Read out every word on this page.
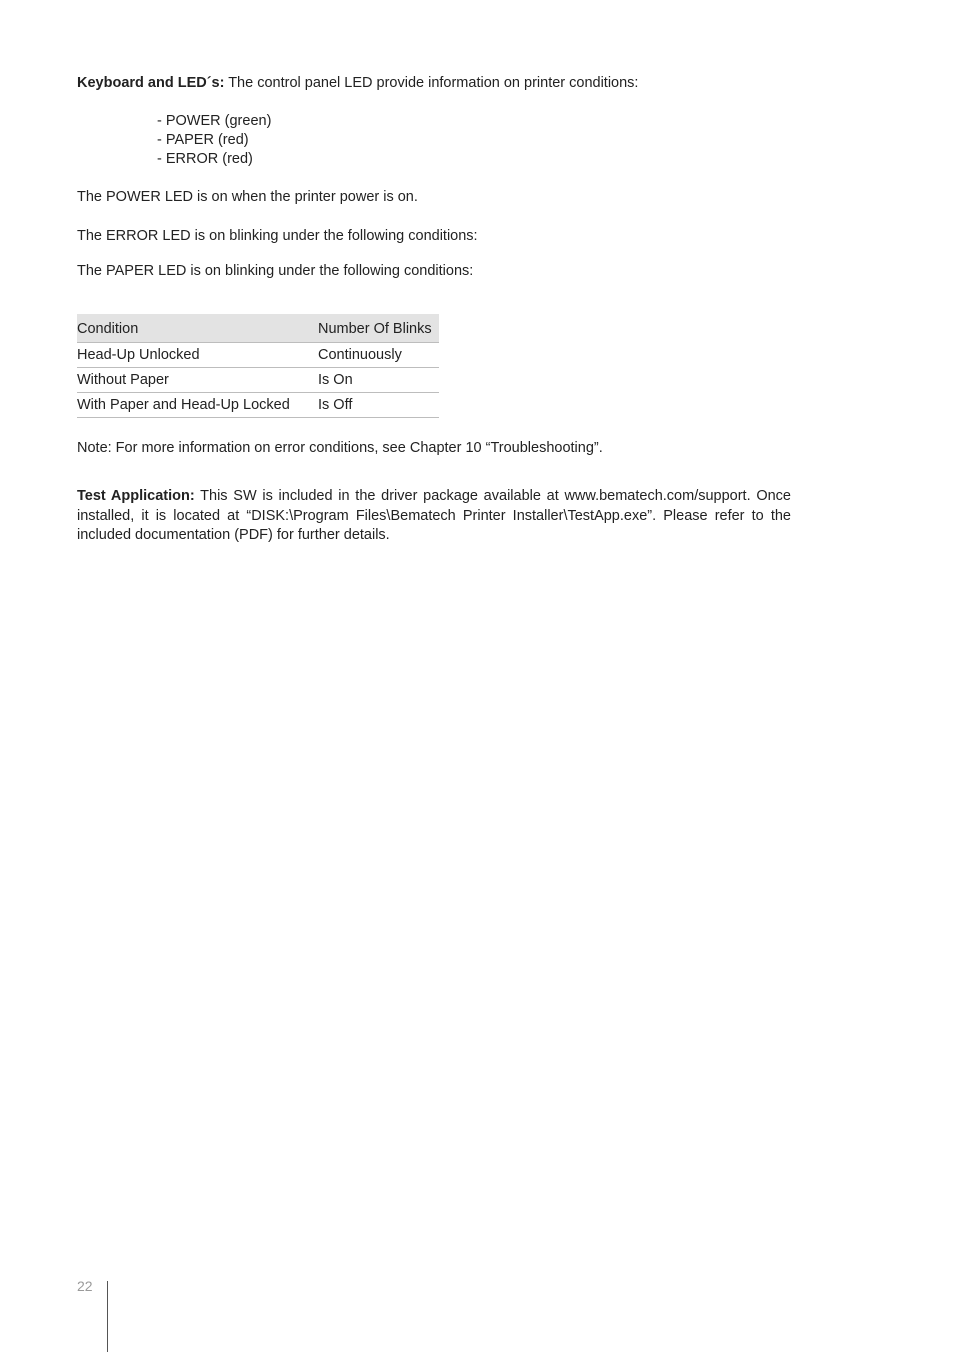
Keyboard and LED´s: The control panel LED provide information on printer conditions:

- POWER (green)
- PAPER (red)
- ERROR (red)

The POWER LED is on when the printer power is on.

The ERROR LED is on blinking under the following conditions:

The PAPER LED is on blinking under the following conditions:

Condition	Number Of Blinks
Head-Up Unlocked	Continuously
Without Paper	Is On
With Paper and Head-Up Locked	Is Off

Note: For more information on error conditions, see Chapter 10 “Troubleshooting”.

Test Application: This SW is included in the driver package available at www.bematech.com/support. Once installed, it is located at “DISK:\Program Files\Bematech Printer Installer\TestApp.exe”. Please refer to the included documentation (PDF) for further details.

22
